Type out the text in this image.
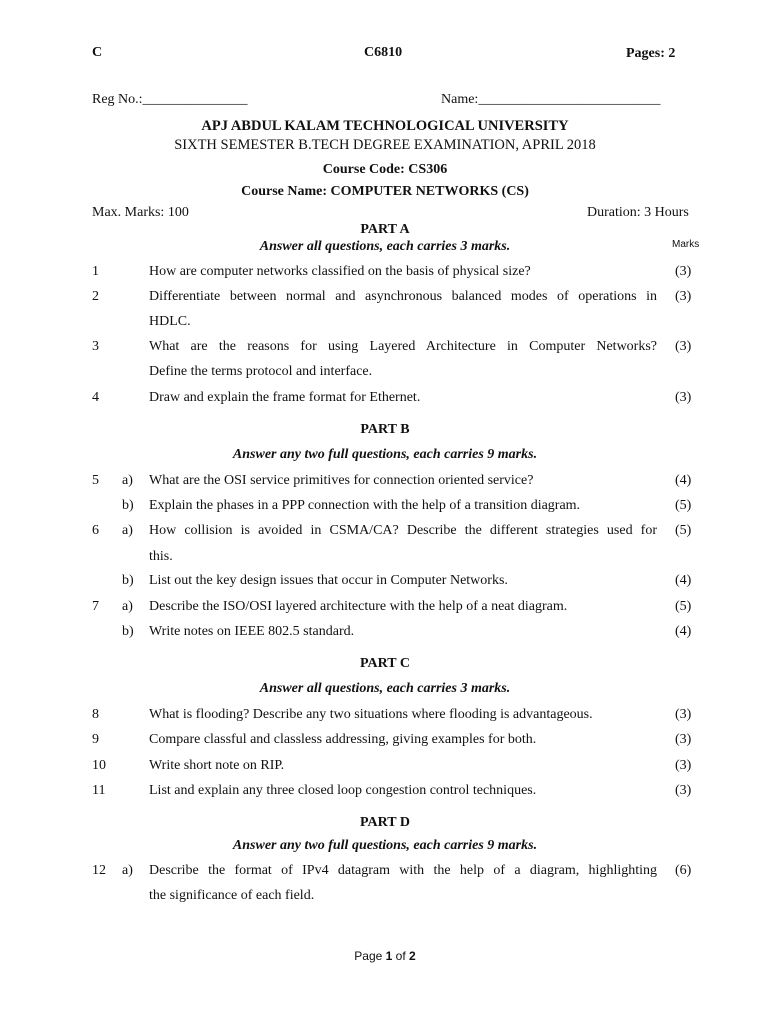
C	C6810	Pages: 2
Reg No.:_______________	Name:__________________________
APJ ABDUL KALAM TECHNOLOGICAL UNIVERSITY
SIXTH SEMESTER B.TECH DEGREE EXAMINATION, APRIL 2018
Course Code: CS306
Course Name: COMPUTER NETWORKS (CS)
Max. Marks: 100	Duration: 3 Hours
PART A
Answer all questions, each carries 3 marks.	Marks
1	How are computer networks classified on the basis of physical size?	(3)
2	Differentiate between normal and asynchronous balanced modes of operations in (3)
HDLC.
3	What are the reasons for using Layered Architecture in Computer Networks? (3)
Define the terms protocol and interface.
4	Draw and explain the frame format for Ethernet.	(3)
PART B
Answer any two full questions, each carries 9 marks.
5 a) What are the OSI service primitives for connection oriented service?	(4)
b) Explain the phases in a PPP connection with the help of a transition diagram.	(5)
6 a) How collision is avoided in CSMA/CA? Describe the different strategies used for (5)
this.
b) List out the key design issues that occur in Computer Networks.	(4)
7 a) Describe the ISO/OSI layered architecture with the help of a neat diagram.	(5)
b) Write notes on IEEE 802.5 standard.	(4)
PART C
Answer all questions, each carries 3 marks.
8	What is flooding? Describe any two situations where flooding is advantageous.	(3)
9	Compare classful and classless addressing, giving examples for both.	(3)
10	Write short note on RIP.	(3)
11	List and explain any three closed loop congestion control techniques.	(3)
PART D
Answer any two full questions, each carries 9 marks.
12 a) Describe the format of IPv4 datagram with the help of a diagram, highlighting (6)
the significance of each field.
Page 1 of 2
